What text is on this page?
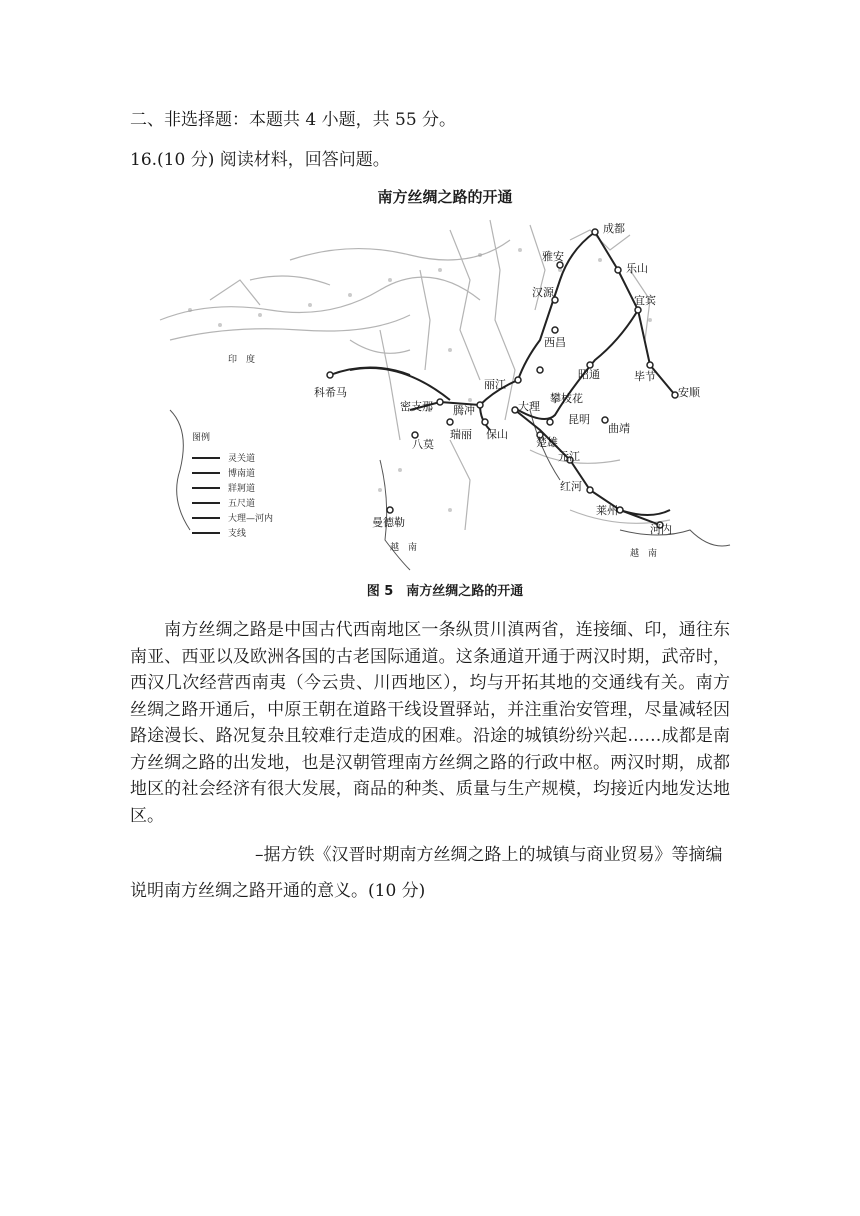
二、非选择题：本题共 4 小题，共 55 分。
16.(10 分) 阅读材料，回答问题。
南方丝绸之路的开通
成都
雅安
乐山
汉源
宜宾
西昌
昭通	毕节
安顺
丽江
攀枝花
大理
昆明
曲靖
楚雄
元江
红河
莱州
河内
腾冲
密支那
瑞丽 保山
八莫
科希马
曼德勒
印　度
越　南
越　南
图例
灵关道
博南道
牂牁道
五尺道
大理—河内
支线
图 5　南方丝绸之路的开通
南方丝绸之路是中国古代西南地区一条纵贯川滇两省，连接缅、印，通往东南亚、西亚以及欧洲各国的古老国际通道。这条通道开通于两汉时期，武帝时，西汉几次经营西南夷（今云贵、川西地区），均与开拓其地的交通线有关。南方丝绸之路开通后，中原王朝在道路干线设置驿站，并注重治安管理，尽量减轻因路途漫长、路况复杂且较难行走造成的困难。沿途的城镇纷纷兴起……成都是南方丝绸之路的出发地，也是汉朝管理南方丝绸之路的行政中枢。两汉时期，成都地区的社会经济有很大发展，商品的种类、质量与生产规模，均接近内地发达地区。
–据方铁《汉晋时期南方丝绸之路上的城镇与商业贸易》等摘编
说明南方丝绸之路开通的意义。(10 分)
